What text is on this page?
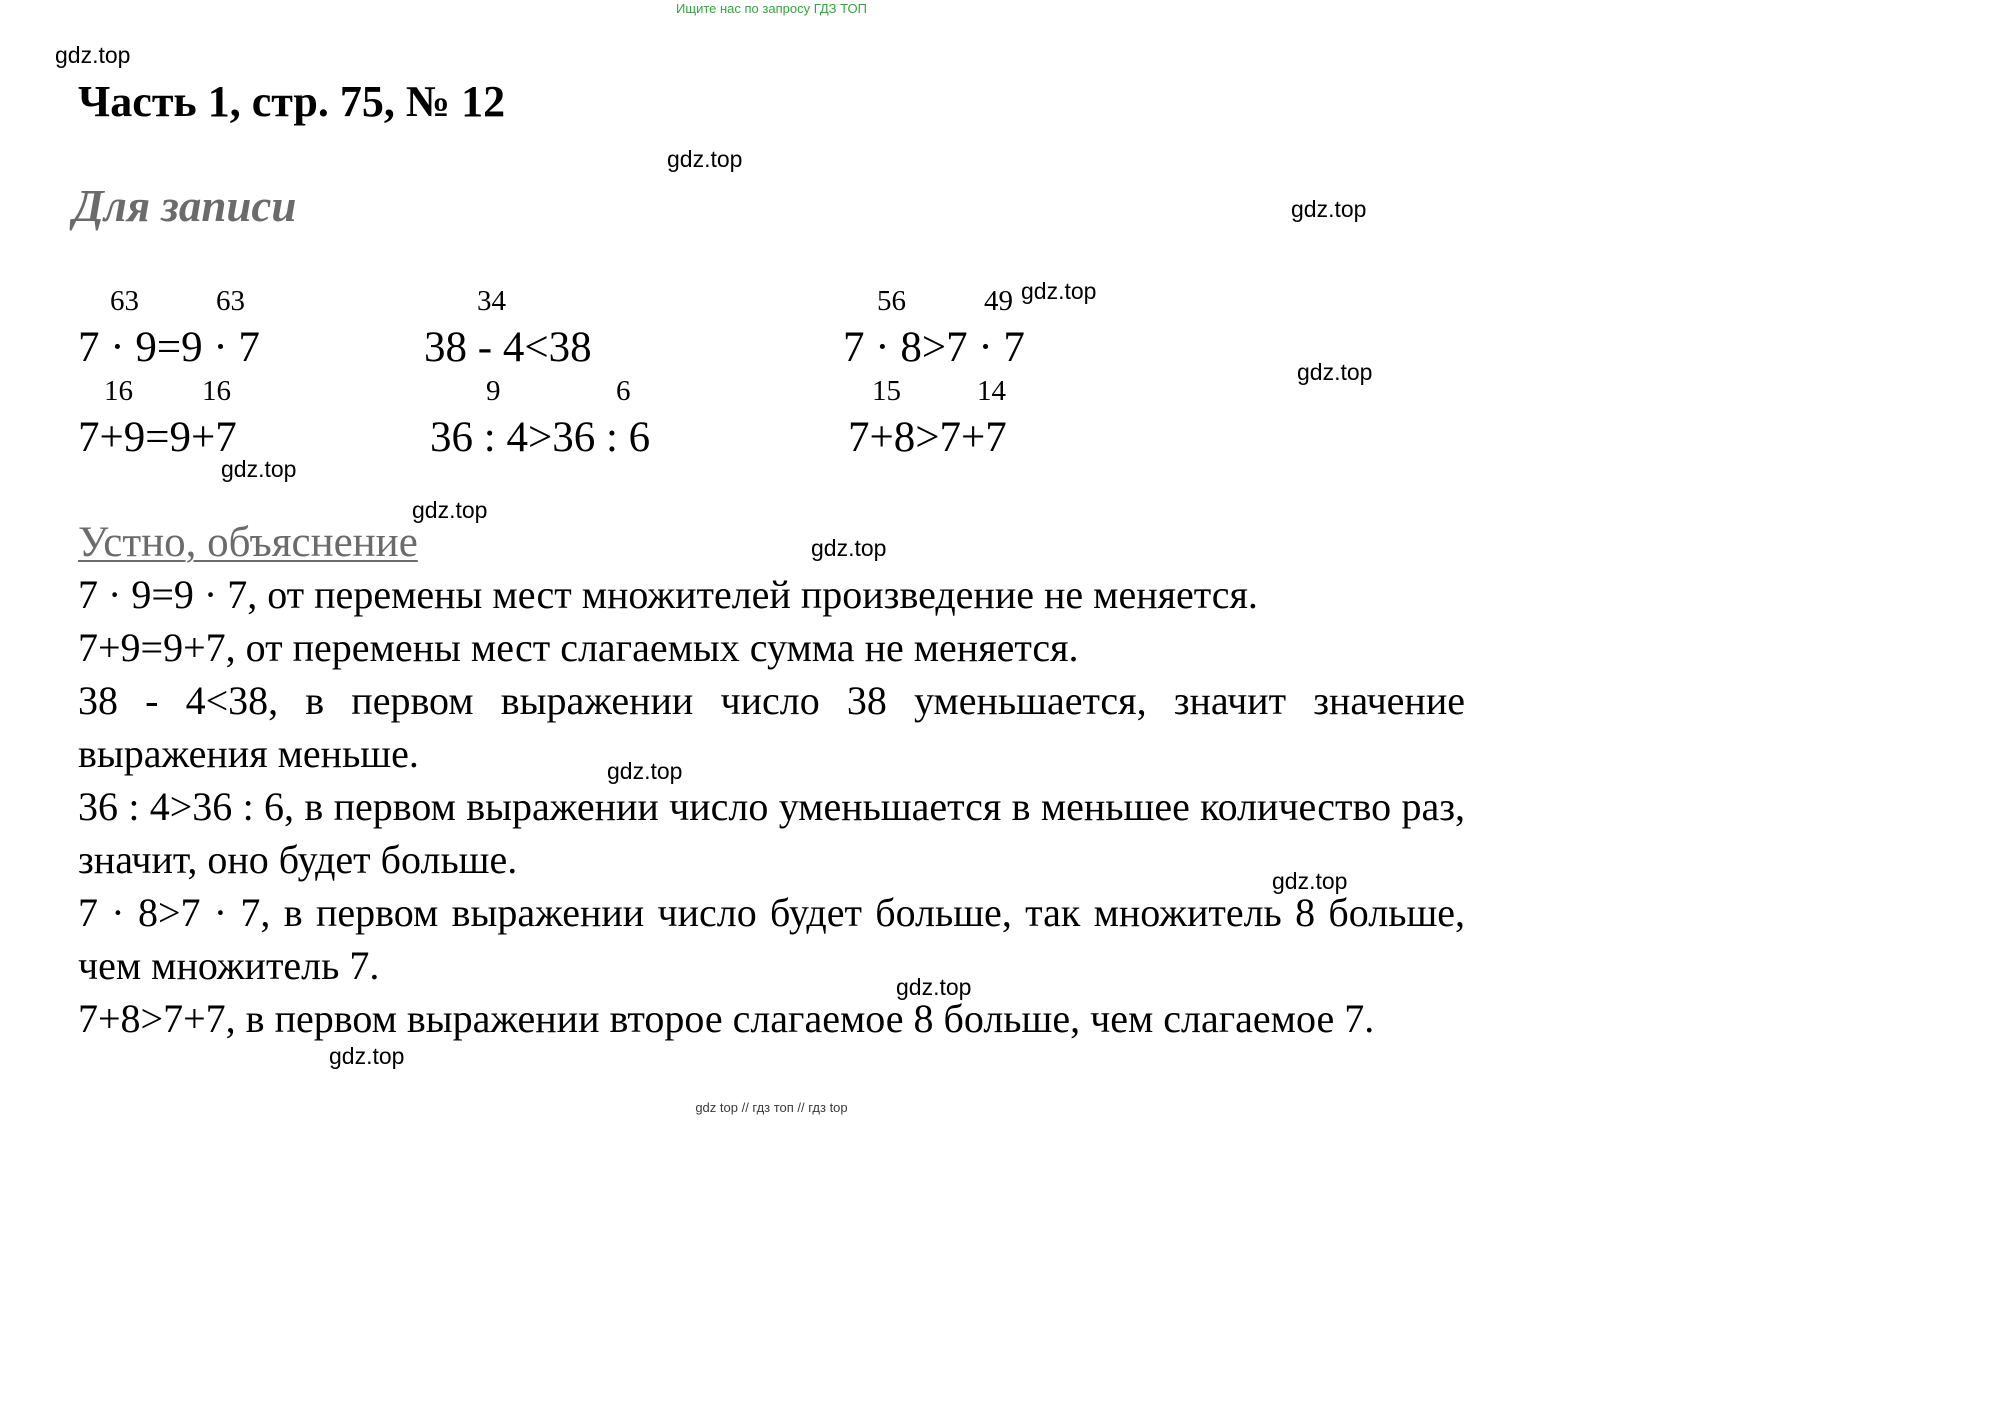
Ищите нас по запросу ГДЗ ТОП
Часть 1, стр. 75, № 12
Для записи
63	63	34	56	49
7 · 9=9 · 7	38 - 4<38	7 · 8>7 · 7
16 16	9	6	15	14
7+9=9+7	36 : 4>36 : 6	7+8>7+7
Устно, объяснение

7 · 9=9 · 7, от перемены мест множителей произведение не меняется.

7+9=9+7, от перемены мест слагаемых сумма не меняется.

38 - 4<38, в первом выражении число 38 уменьшается, значит значение выражения меньше.

36 : 4>36 : 6, в первом выражении число уменьшается в меньшее количество раз, значит, оно будет больше.

7 · 8>7 · 7, в первом выражении число будет больше, так множитель 8 больше, чем множитель 7.

7+8>7+7, в первом выражении второе слагаемое 8 больше, чем слагаемое 7.

gdz.top
gdz.top
gdz.top
gdz.top
gdz.top
gdz.top
gdz.top
gdz.top
gdz.top
gdz.top
gdz.top
gdz.top
gdz top // гдз топ // гдз top
